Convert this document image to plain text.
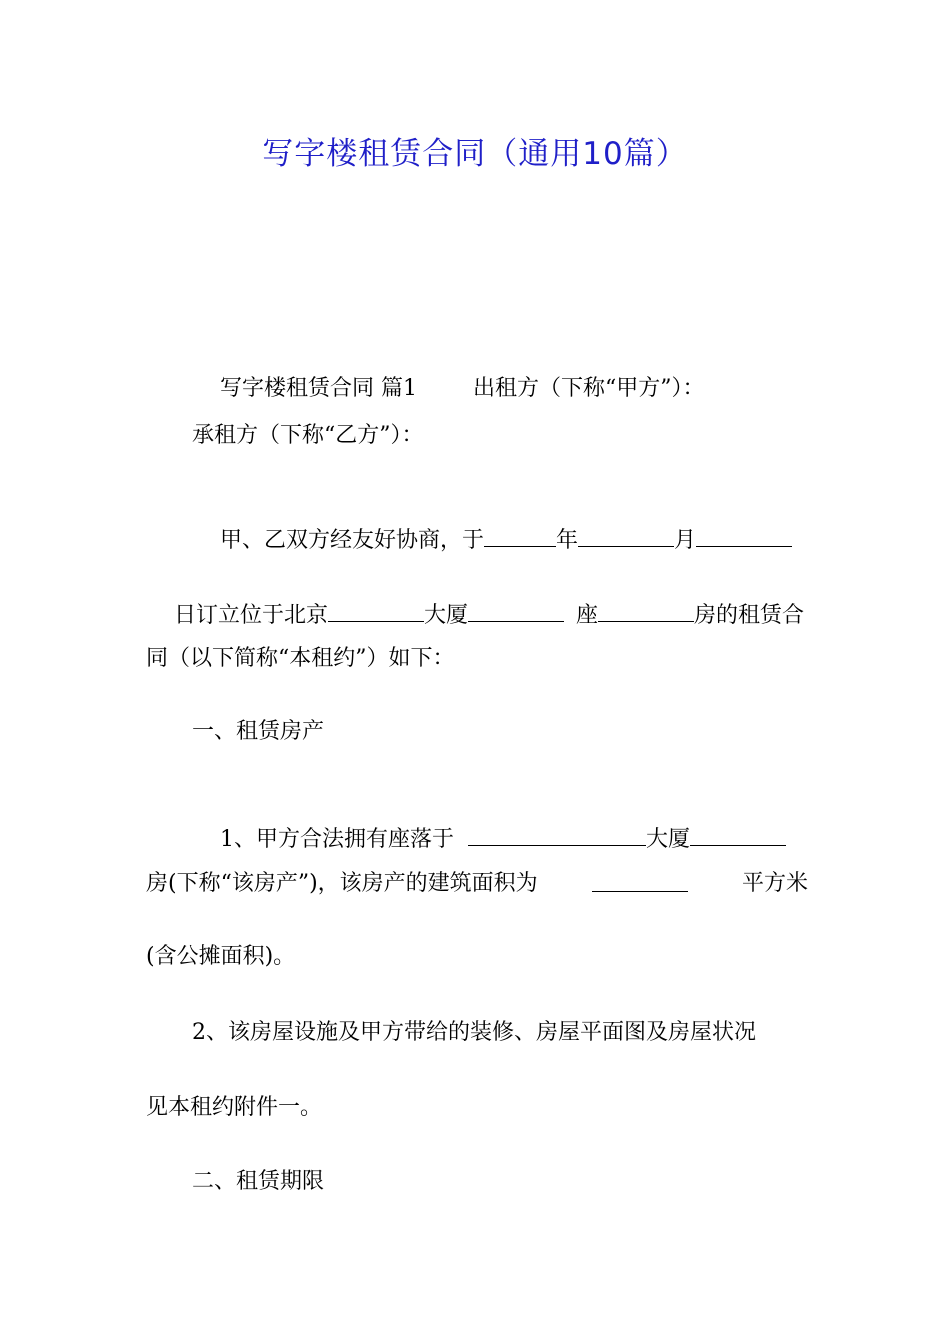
写字楼租赁合同（通用10篇）

写字楼租赁合同 篇1	出租方（下称“甲方”）：

承租方（下称“乙方”）：

甲、乙双方经友好协商，于	年	月

日订立位于北京	大厦	座	房的租赁合

同（以下简称“本租约”）如下：
一、租赁房产

1、甲方合法拥有座落于	大厦

房(下称“该房产”)，该房产的建筑面积为	平方米
(含公摊面积)。
2、该房屋设施及甲方带给的装修、房屋平面图及房屋状况
见本租约附件一。
二、租赁期限
